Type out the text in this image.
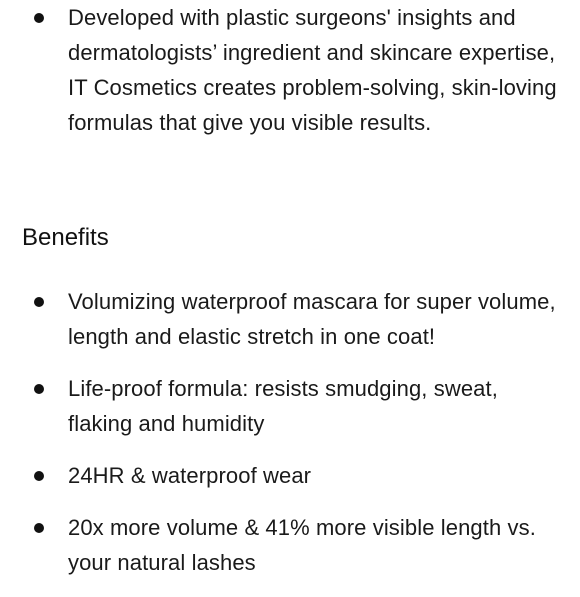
Developed with plastic surgeons' insights and dermatologists’ ingredient and skincare expertise, IT Cosmetics creates problem-solving, skin-loving formulas that give you visible results.
Benefits
Volumizing waterproof mascara for super volume, length and elastic stretch in one coat!
Life-proof formula: resists smudging, sweat, flaking and humidity
24HR & waterproof wear
20x more volume & 41% more visible length vs. your natural lashes
